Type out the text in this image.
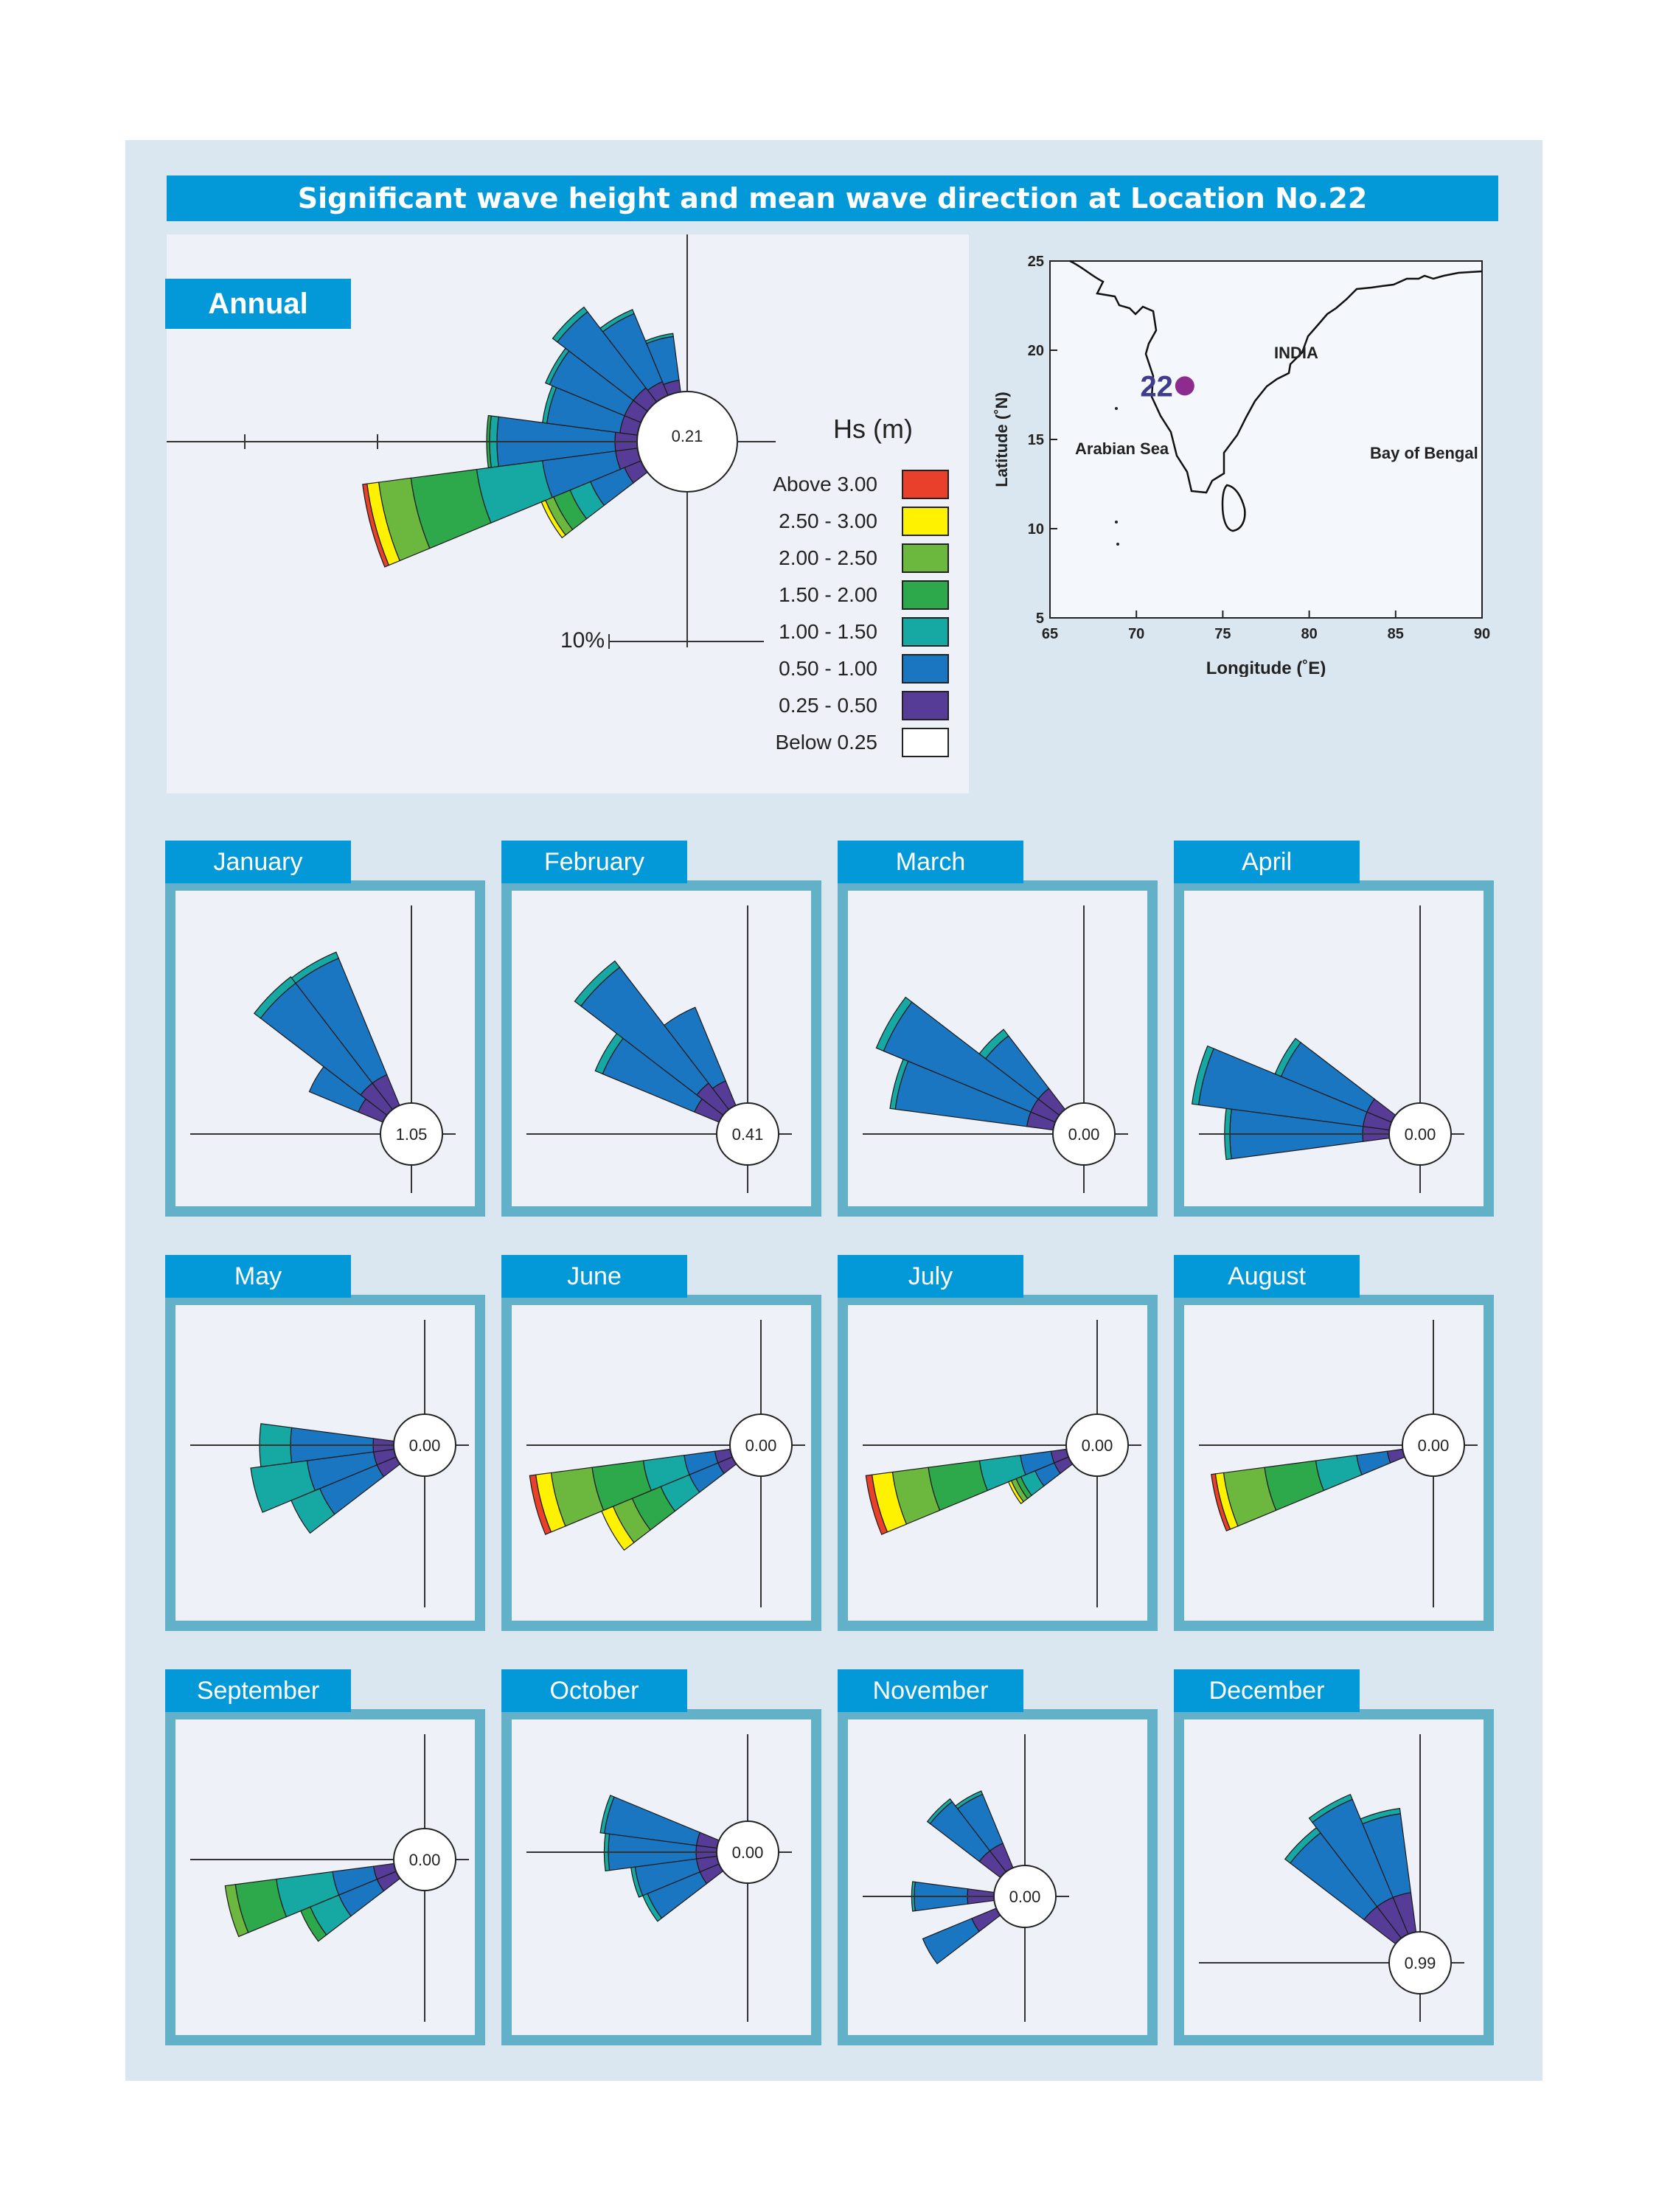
Significant wave height and mean wave direction at Location No.22
10%
Hs (m)
Above 3.00
2.50 - 3.00
2.00 - 2.50
1.50 - 2.00
1.00 - 1.50
0.50 - 1.00
0.25 - 0.50
Below 0.25
0.21
Annual
65	70	75	80	85	90
25
20
15
10
5
22
INDIA
Arabian Sea	Bay of Bengal
Longitude (˚E)
Latitude (˚N)
1.05
January
0.41
February
0.00
March
0.00
April
0.00
May
0.00
June
0.00
July
0.00
August
0.00
September
0.00
October
0.00
November
0.99
December
